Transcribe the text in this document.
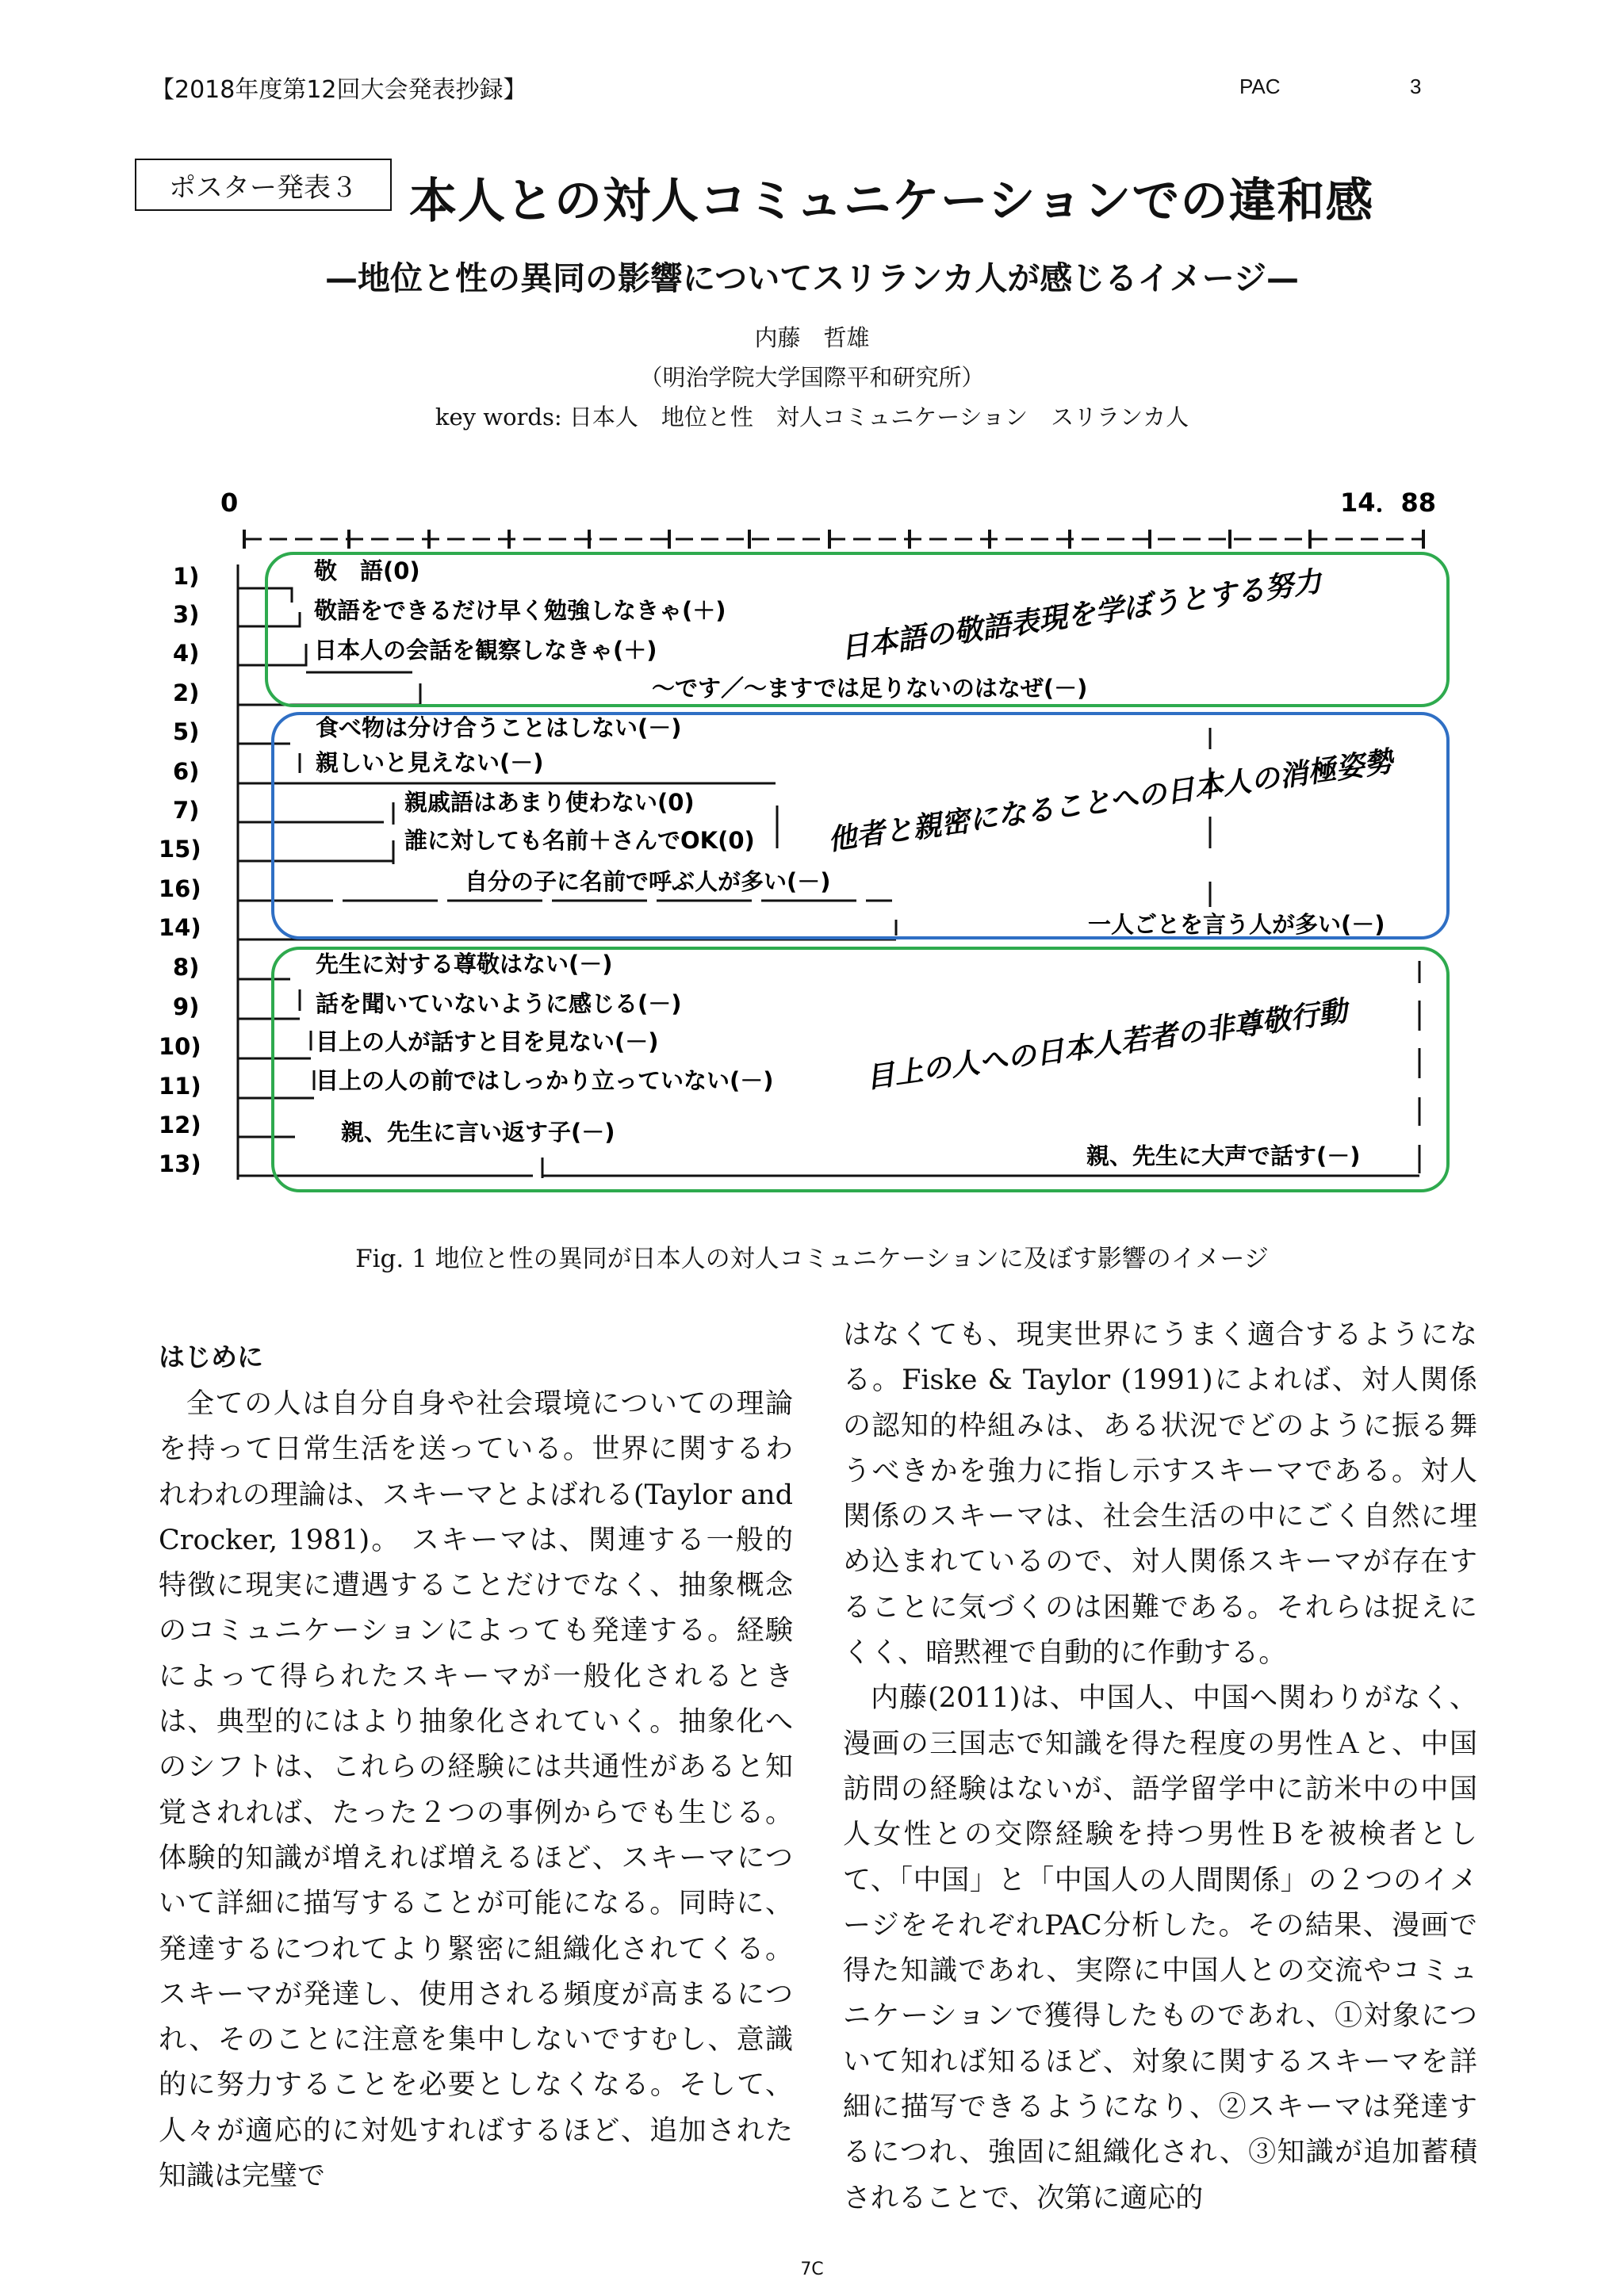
【2018年度第12回大会発表抄録】	PAC	3
ポスター発表３ 本人との対人コミュニケーションでの違和感
—地位と性の異同の影響についてスリランカ人が感じるイメージ—
内藤　哲雄
（明治学院大学国際平和研究所）
key words: 日本人　地位と性　対人コミュニケーション　スリランカ人
0	14．88
1)
3)
4)
2)
5)
6)
7)
15)
16)
14)
8)
9)
10)
11)
12)
13)
敬　語(0)
敬語をできるだけ早く勉強しなきゃ(＋)
日本人の会話を観察しなきゃ(＋)
～です／～ますでは足りないのはなぜ(－)
食べ物は分け合うことはしない(－)
親しいと見えない(－)
親戚語はあまり使わない(0)
誰に対しても名前＋さんでOK(0)
自分の子に名前で呼ぶ人が多い(－)
一人ごとを言う人が多い(－)
先生に対する尊敬はない(－)
話を聞いていないように感じる(－)
目上の人が話すと目を見ない(－)
目上の人の前ではしっかり立っていない(－)
親、先生に言い返す子(－)
親、先生に大声で話す(－)
日本語の敬語表現を学ぼうとする努力
他者と親密になることへの日本人の消極姿勢
目上の人への日本人若者の非尊敬行動
Fig. 1 地位と性の異同が日本人の対人コミュニケーションに及ぼす影響のイメージ
はじめに

全ての人は自分自身や社会環境についての理論を持って日常生活を送っている。世界に関するわれわれの理論は、スキーマとよばれる(Taylor and Crocker, 1981)。 スキーマは、関連する一般的特徴に現実に遭遇することだけでなく、抽象概念のコミュニケーションによっても発達する。経験によって得られたスキーマが一般化されるときは、典型的にはより抽象化されていく。抽象化へのシフトは、これらの経験には共通性があると知覚されれば、たった２つの事例からでも生じる。体験的知識が増えれば増えるほど、スキーマについて詳細に描写することが可能になる。同時に、発達するにつれてより緊密に組織化されてくる。スキーマが発達し、使用される頻度が高まるにつれ、そのことに注意を集中しないですむし、意識的に努力することを必要としなくなる。そして、人々が適応的に対処すればするほど、追加された知識は完璧で

はなくても、現実世界にうまく適合するようになる。Fiske & Taylor (1991)によれば、対人関係の認知的枠組みは、ある状況でどのように振る舞うべきかを強力に指し示すスキーマである。対人関係のスキーマは、社会生活の中にごく自然に埋め込まれているので、対人関係スキーマが存在することに気づくのは困難である。それらは捉えにくく、暗黙裡で自動的に作動する。

内藤(2011)は、中国人、中国へ関わりがなく、漫画の三国志で知識を得た程度の男性Ａと、中国訪問の経験はないが、語学留学中に訪米中の中国人女性との交際経験を持つ男性Ｂを被検者として、「中国」と「中国人の人間関係」の２つのイメージをそれぞれPAC分析した。その結果、漫画で得た知識であれ、実際に中国人との交流やコミュニケーションで獲得したものであれ、①対象について知れば知るほど、対象に関するスキーマを詳細に描写できるようになり、②スキーマは発達するにつれ、強固に組織化され、③知識が追加蓄積されることで、次第に適応的

7C
